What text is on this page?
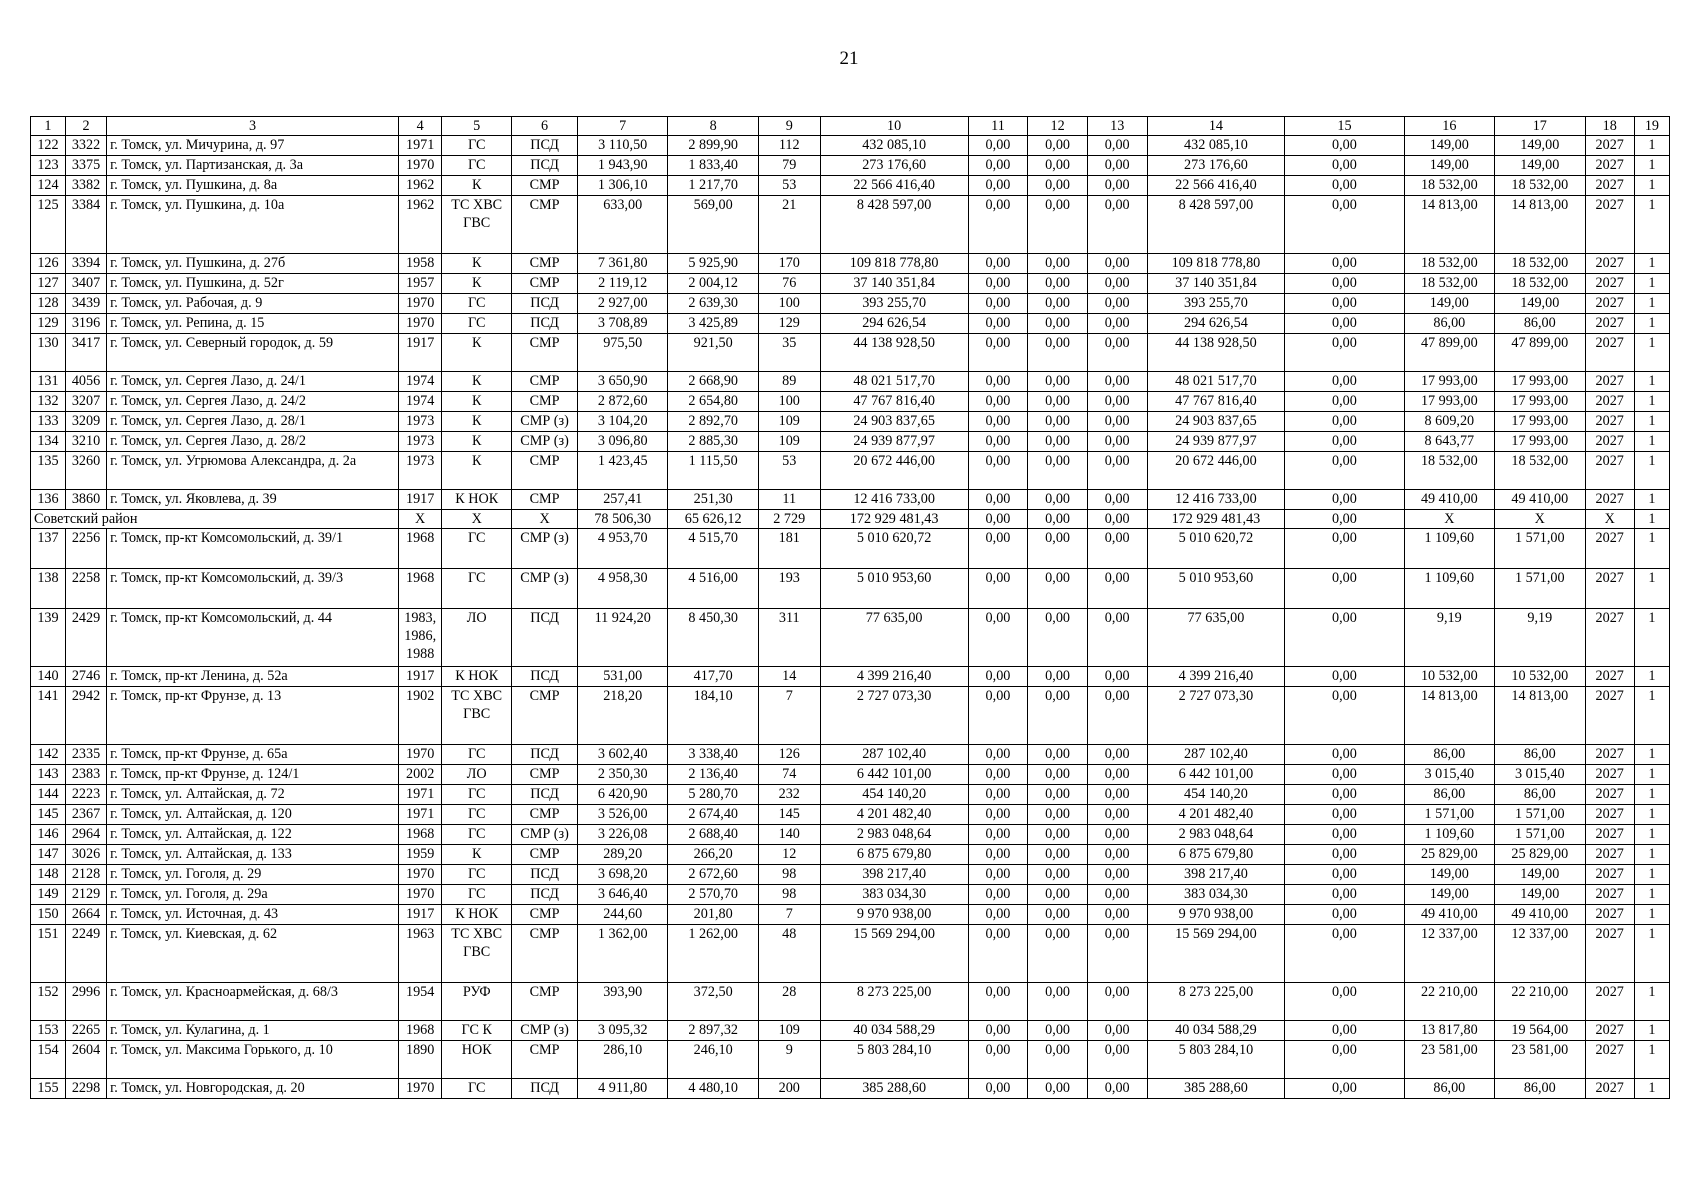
21
1	2	3	4	5	6	7	8	9	10	11	12	13	14	15	16	17	18	19
122	3322	г. Томск, ул. Мичурина, д. 97	1971	ГС	ПСД	3 110,50	2 899,90	112	432 085,10	0,00	0,00	0,00	432 085,10	0,00	149,00	149,00	2027	1
123	3375	г. Томск, ул. Партизанская, д. 3а	1970	ГС	ПСД	1 943,90	1 833,40	79	273 176,60	0,00	0,00	0,00	273 176,60	0,00	149,00	149,00	2027	1
124	3382	г. Томск, ул. Пушкина, д. 8а	1962	К	СМР	1 306,10	1 217,70	53	22 566 416,40	0,00	0,00	0,00	22 566 416,40	0,00	18 532,00	18 532,00	2027	1
125	3384	г. Томск, ул. Пушкина, д. 10а	1962	ТС ХВС ГВС	СМР	633,00	569,00	21	8 428 597,00	0,00	0,00	0,00	8 428 597,00	0,00	14 813,00	14 813,00	2027	1
126	3394	г. Томск, ул. Пушкина, д. 27б	1958	К	СМР	7 361,80	5 925,90	170	109 818 778,80	0,00	0,00	0,00	109 818 778,80	0,00	18 532,00	18 532,00	2027	1
127	3407	г. Томск, ул. Пушкина, д. 52г	1957	К	СМР	2 119,12	2 004,12	76	37 140 351,84	0,00	0,00	0,00	37 140 351,84	0,00	18 532,00	18 532,00	2027	1
128	3439	г. Томск, ул. Рабочая, д. 9	1970	ГС	ПСД	2 927,00	2 639,30	100	393 255,70	0,00	0,00	0,00	393 255,70	0,00	149,00	149,00	2027	1
129	3196	г. Томск, ул. Репина, д. 15	1970	ГС	ПСД	3 708,89	3 425,89	129	294 626,54	0,00	0,00	0,00	294 626,54	0,00	86,00	86,00	2027	1
130	3417	г. Томск, ул. Северный городок, д. 59	1917	К	СМР	975,50	921,50	35	44 138 928,50	0,00	0,00	0,00	44 138 928,50	0,00	47 899,00	47 899,00	2027	1
131	4056	г. Томск, ул. Сергея Лазо, д. 24/1	1974	К	СМР	3 650,90	2 668,90	89	48 021 517,70	0,00	0,00	0,00	48 021 517,70	0,00	17 993,00	17 993,00	2027	1
132	3207	г. Томск, ул. Сергея Лазо, д. 24/2	1974	К	СМР	2 872,60	2 654,80	100	47 767 816,40	0,00	0,00	0,00	47 767 816,40	0,00	17 993,00	17 993,00	2027	1
133	3209	г. Томск, ул. Сергея Лазо, д. 28/1	1973	К	СМР (з)	3 104,20	2 892,70	109	24 903 837,65	0,00	0,00	0,00	24 903 837,65	0,00	8 609,20	17 993,00	2027	1
134	3210	г. Томск, ул. Сергея Лазо, д. 28/2	1973	К	СМР (з)	3 096,80	2 885,30	109	24 939 877,97	0,00	0,00	0,00	24 939 877,97	0,00	8 643,77	17 993,00	2027	1
135	3260	г. Томск, ул. Угрюмова Александра, д. 2а	1973	К	СМР	1 423,45	1 115,50	53	20 672 446,00	0,00	0,00	0,00	20 672 446,00	0,00	18 532,00	18 532,00	2027	1
136	3860	г. Томск, ул. Яковлева, д. 39	1917	К НОК	СМР	257,41	251,30	11	12 416 733,00	0,00	0,00	0,00	12 416 733,00	0,00	49 410,00	49 410,00	2027	1
Советский район			Х	Х	Х	78 506,30	65 626,12	2 729	172 929 481,43	0,00	0,00	0,00	172 929 481,43	0,00	Х	Х	Х	1
137	2256	г. Томск, пр-кт Комсомольский, д. 39/1	1968	ГС	СМР (з)	4 953,70	4 515,70	181	5 010 620,72	0,00	0,00	0,00	5 010 620,72	0,00	1 109,60	1 571,00	2027	1
138	2258	г. Томск, пр-кт Комсомольский, д. 39/3	1968	ГС	СМР (з)	4 958,30	4 516,00	193	5 010 953,60	0,00	0,00	0,00	5 010 953,60	0,00	1 109,60	1 571,00	2027	1
139	2429	г. Томск, пр-кт Комсомольский, д. 44	1983, 1986, 1988	ЛО	ПСД	11 924,20	8 450,30	311	77 635,00	0,00	0,00	0,00	77 635,00	0,00	9,19	9,19	2027	1
140	2746	г. Томск, пр-кт Ленина, д. 52а	1917	К НОК	ПСД	531,00	417,70	14	4 399 216,40	0,00	0,00	0,00	4 399 216,40	0,00	10 532,00	10 532,00	2027	1
141	2942	г. Томск, пр-кт Фрунзе, д. 13	1902	ТС ХВС ГВС	СМР	218,20	184,10	7	2 727 073,30	0,00	0,00	0,00	2 727 073,30	0,00	14 813,00	14 813,00	2027	1
142	2335	г. Томск, пр-кт Фрунзе, д. 65а	1970	ГС	ПСД	3 602,40	3 338,40	126	287 102,40	0,00	0,00	0,00	287 102,40	0,00	86,00	86,00	2027	1
143	2383	г. Томск, пр-кт Фрунзе, д. 124/1	2002	ЛО	СМР	2 350,30	2 136,40	74	6 442 101,00	0,00	0,00	0,00	6 442 101,00	0,00	3 015,40	3 015,40	2027	1
144	2223	г. Томск, ул. Алтайская, д. 72	1971	ГС	ПСД	6 420,90	5 280,70	232	454 140,20	0,00	0,00	0,00	454 140,20	0,00	86,00	86,00	2027	1
145	2367	г. Томск, ул. Алтайская, д. 120	1971	ГС	СМР	3 526,00	2 674,40	145	4 201 482,40	0,00	0,00	0,00	4 201 482,40	0,00	1 571,00	1 571,00	2027	1
146	2964	г. Томск, ул. Алтайская, д. 122	1968	ГС	СМР (з)	3 226,08	2 688,40	140	2 983 048,64	0,00	0,00	0,00	2 983 048,64	0,00	1 109,60	1 571,00	2027	1
147	3026	г. Томск, ул. Алтайская, д. 133	1959	К	СМР	289,20	266,20	12	6 875 679,80	0,00	0,00	0,00	6 875 679,80	0,00	25 829,00	25 829,00	2027	1
148	2128	г. Томск, ул. Гоголя, д. 29	1970	ГС	ПСД	3 698,20	2 672,60	98	398 217,40	0,00	0,00	0,00	398 217,40	0,00	149,00	149,00	2027	1
149	2129	г. Томск, ул. Гоголя, д. 29а	1970	ГС	ПСД	3 646,40	2 570,70	98	383 034,30	0,00	0,00	0,00	383 034,30	0,00	149,00	149,00	2027	1
150	2664	г. Томск, ул. Источная, д. 43	1917	К НОК	СМР	244,60	201,80	7	9 970 938,00	0,00	0,00	0,00	9 970 938,00	0,00	49 410,00	49 410,00	2027	1
151	2249	г. Томск, ул. Киевская, д. 62	1963	ТС ХВС ГВС	СМР	1 362,00	1 262,00	48	15 569 294,00	0,00	0,00	0,00	15 569 294,00	0,00	12 337,00	12 337,00	2027	1
152	2996	г. Томск, ул. Красноармейская, д. 68/3	1954	РУФ	СМР	393,90	372,50	28	8 273 225,00	0,00	0,00	0,00	8 273 225,00	0,00	22 210,00	22 210,00	2027	1
153	2265	г. Томск, ул. Кулагина, д. 1	1968	ГС К	СМР (з)	3 095,32	2 897,32	109	40 034 588,29	0,00	0,00	0,00	40 034 588,29	0,00	13 817,80	19 564,00	2027	1
154	2604	г. Томск, ул. Максима Горького, д. 10	1890	НОК	СМР	286,10	246,10	9	5 803 284,10	0,00	0,00	0,00	5 803 284,10	0,00	23 581,00	23 581,00	2027	1
155	2298	г. Томск, ул. Новгородская, д. 20	1970	ГС	ПСД	4 911,80	4 480,10	200	385 288,60	0,00	0,00	0,00	385 288,60	0,00	86,00	86,00	2027	1
